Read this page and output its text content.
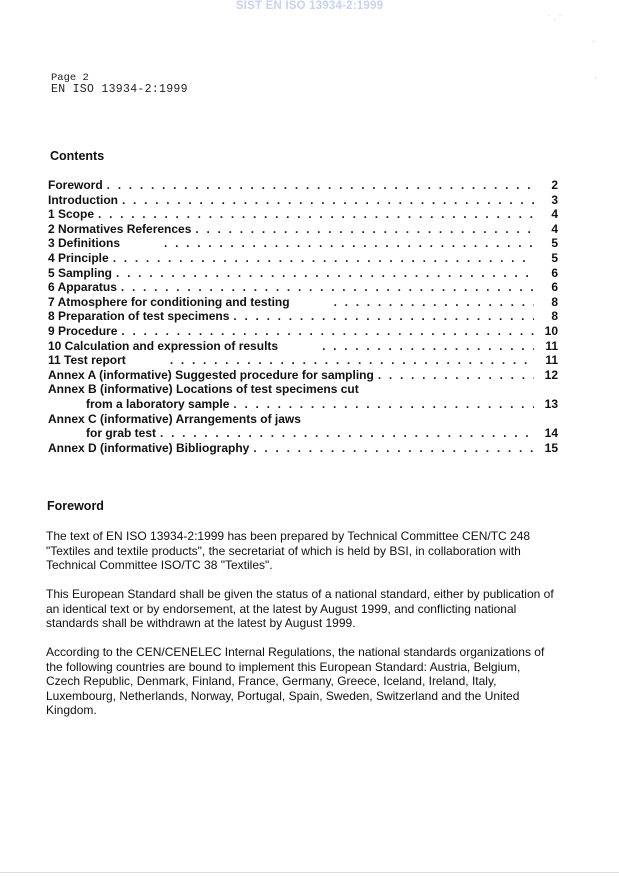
SIST EN ISO 13934-2:1999
˙ · ˙
·
·
Page 2
EN ISO 13934-2:1999
Contents
Foreword . . .	2
Introduction . . .	3
1 Scope . . .	4
2 Normatives References . . .	4
3 Definitions . . .	5
4 Principle . . .	5
5 Sampling . . .	6
6 Apparatus . . .	6
7 Atmosphere for conditioning and testing . . .	8
8 Preparation of test specimens . . .	8
9 Procedure . . .	10
10 Calculation and expression of results . . .	11
11 Test report . . .	11
Annex A (informative) Suggested procedure for sampling . . .	12
Annex B (informative) Locations of test specimens cut
from a laboratory sample . . .	13
Annex C (informative) Arrangements of jaws
for grab test . . .	14
Annex D (informative) Bibliography . . .	15
Foreword
The text of EN ISO 13934-2:1999 has been prepared by Technical Committee CEN/TC 248 "Textiles and textile products", the secretariat of which is held by BSI, in collaboration with Technical Committee ISO/TC 38 "Textiles".
This European Standard shall be given the status of a national standard, either by publication of an identical text or by endorsement, at the latest by August 1999, and conflicting national standards shall be withdrawn at the latest by August 1999.
According to the CEN/CENELEC Internal Regulations, the national standards organizations of the following countries are bound to implement this European Standard: Austria, Belgium, Czech Republic, Denmark, Finland, France, Germany, Greece, Iceland, Ireland, Italy, Luxembourg, Netherlands, Norway, Portugal, Spain, Sweden, Switzerland and the United Kingdom.
